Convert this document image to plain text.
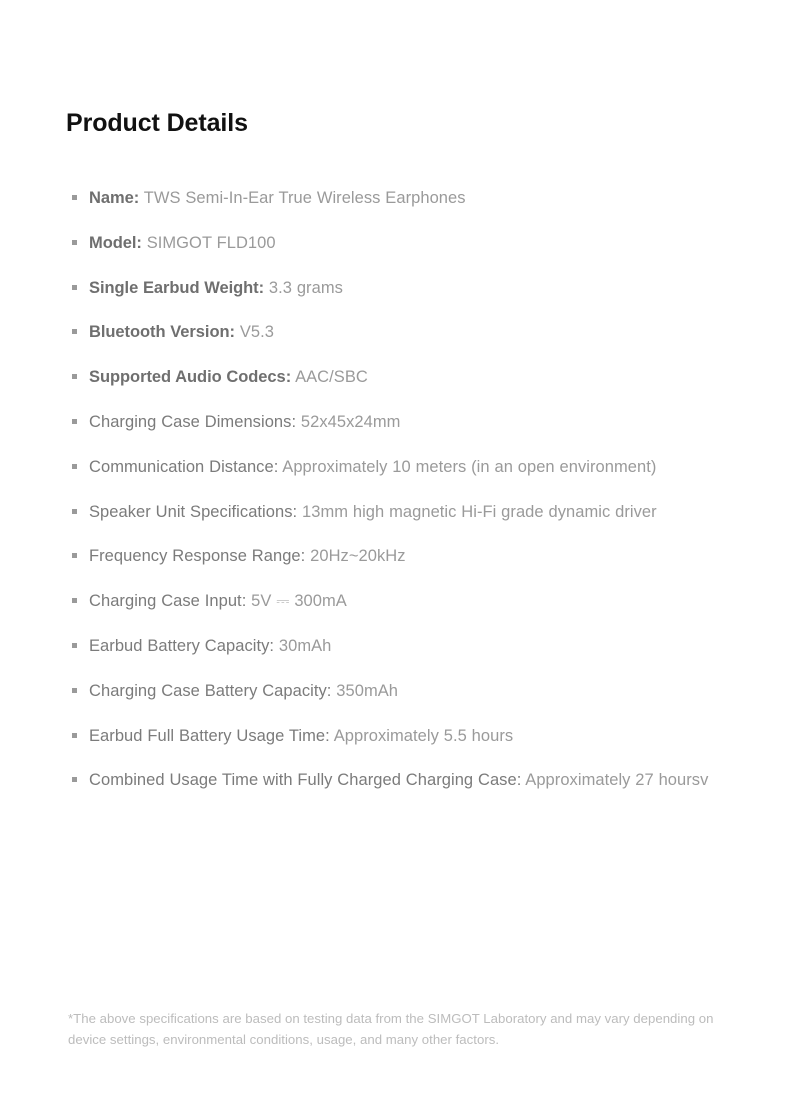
Product Details
Name: TWS Semi-In-Ear True Wireless Earphones
Model: SIMGOT FLD100
Single Earbud Weight: 3.3 grams
Bluetooth Version: V5.3
Supported Audio Codecs: AAC/SBC
Charging Case Dimensions: 52x45x24mm
Communication Distance: Approximately 10 meters (in an open environment)
Speaker Unit Specifications: 13mm high magnetic Hi-Fi grade dynamic driver
Frequency Response Range: 20Hz~20kHz
Charging Case Input: 5V ⎓ 300mA
Earbud Battery Capacity: 30mAh
Charging Case Battery Capacity: 350mAh
Earbud Full Battery Usage Time: Approximately 5.5 hours
Combined Usage Time with Fully Charged Charging Case: Approximately 27 hoursv

*The above specifications are based on testing data from the SIMGOT Laboratory and may vary depending on device settings, environmental conditions, usage, and many other factors.
